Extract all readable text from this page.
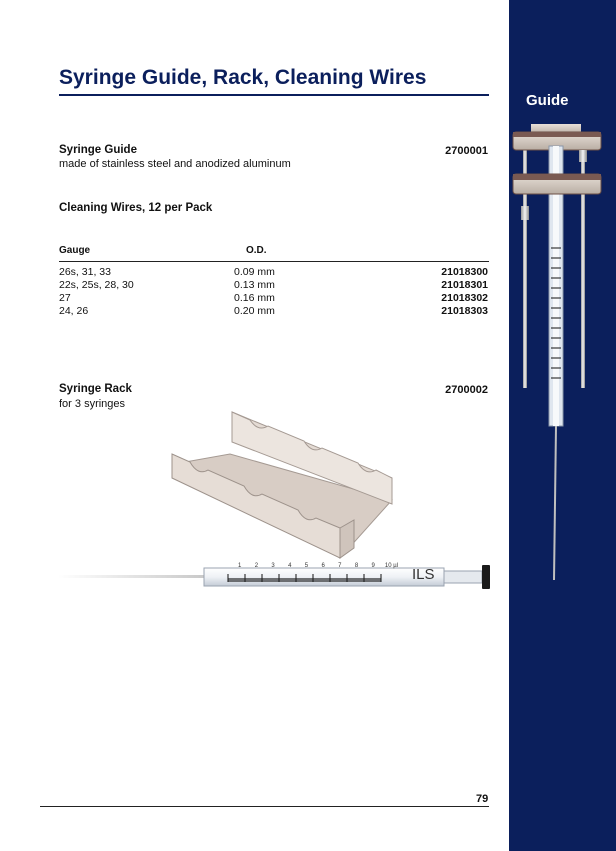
Guide
Syringe Guide, Rack, Cleaning Wires
Syringe Guide	2700001
made of stainless steel and anodized aluminum
Cleaning Wires, 12 per Pack
Gauge	O.D.
26s, 31, 33	0.09 mm	21018300
22s, 25s, 28, 30	0.13 mm	21018301
27	0.16 mm	21018302
24, 26	0.20 mm	21018303
Syringe Rack	2700002
for 3 syringes
ILS
1 2 3 4 5 6 7 8 9 10 µl
79
